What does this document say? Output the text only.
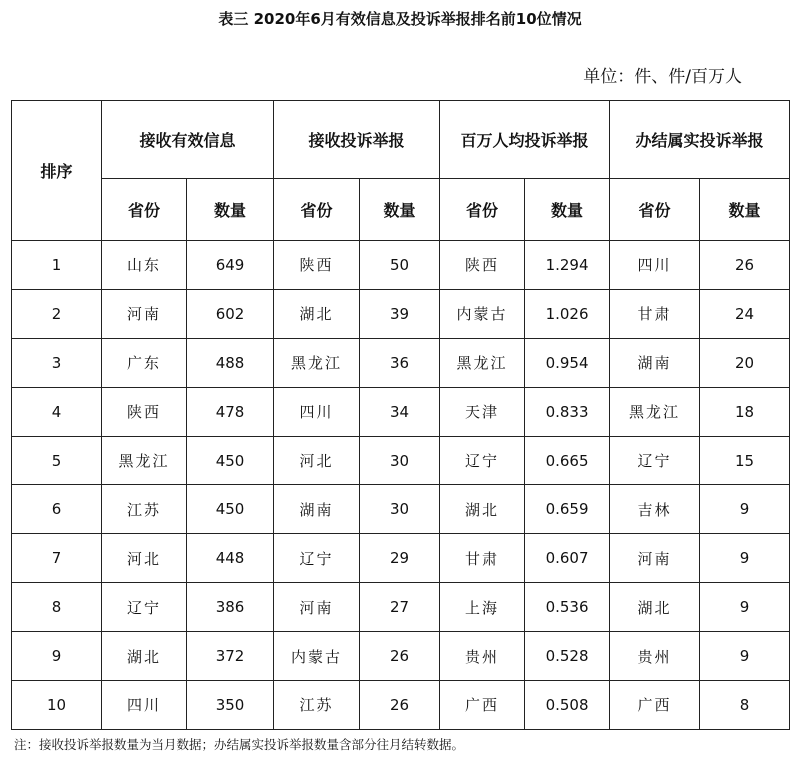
表三 2020年6月有效信息及投诉举报排名前10位情况
单位：件、件/百万人
排序	接收有效信息		接收投诉举报		百万人均投诉举报		办结属实投诉举报	
	省份	数量	省份	数量	省份	数量	省份	数量
1	山东	649	陕西	50	陕西	1.294	四川	26
2	河南	602	湖北	39	内蒙古	1.026	甘肃	24
3	广东	488	黑龙江	36	黑龙江	0.954	湖南	20
4	陕西	478	四川	34	天津	0.833	黑龙江	18
5	黑龙江	450	河北	30	辽宁	0.665	辽宁	15
6	江苏	450	湖南	30	湖北	0.659	吉林	9
7	河北	448	辽宁	29	甘肃	0.607	河南	9
8	辽宁	386	河南	27	上海	0.536	湖北	9
9	湖北	372	内蒙古	26	贵州	0.528	贵州	9
10	四川	350	江苏	26	广西	0.508	广西	8
注：接收投诉举报数量为当月数据；办结属实投诉举报数量含部分往月结转数据。
